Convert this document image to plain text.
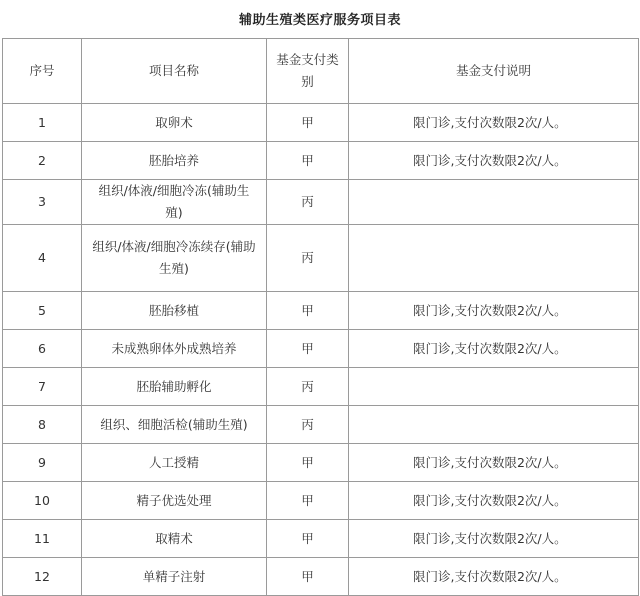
辅助生殖类医疗服务项目表
序号	项目名称	基金支付类别	基金支付说明
1	取卵术	甲	限门诊,支付次数限2次/人。
2	胚胎培养	甲	限门诊,支付次数限2次/人。
3	组织/体液/细胞冷冻(辅助生殖)	丙	
4	组织/体液/细胞冷冻续存(辅助生殖)	丙	
5	胚胎移植	甲	限门诊,支付次数限2次/人。
6	未成熟卵体外成熟培养	甲	限门诊,支付次数限2次/人。
7	胚胎辅助孵化	丙	
8	组织、细胞活检(辅助生殖)	丙	
9	人工授精	甲	限门诊,支付次数限2次/人。
10	精子优选处理	甲	限门诊,支付次数限2次/人。
11	取精术	甲	限门诊,支付次数限2次/人。
12	单精子注射	甲	限门诊,支付次数限2次/人。
